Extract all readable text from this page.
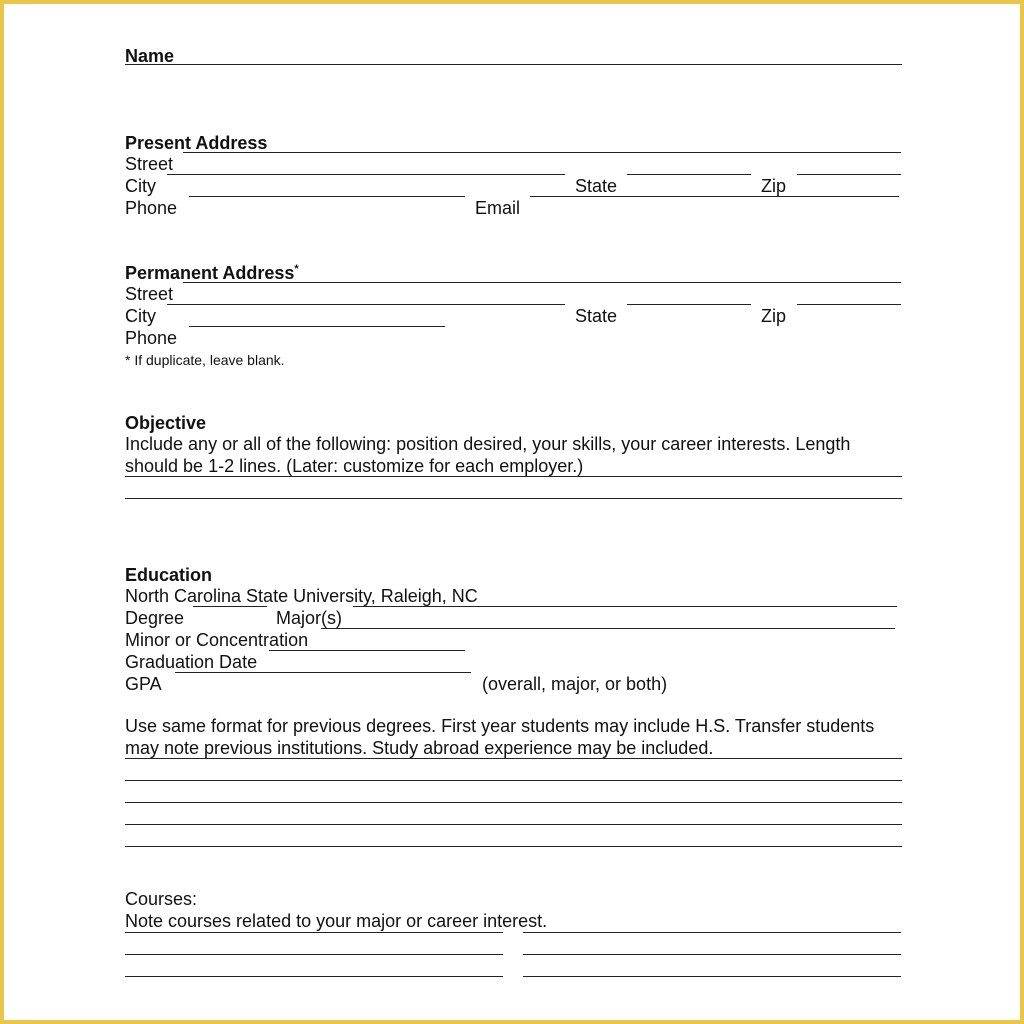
Name
Present Address
Street
City	State	Zip
Phone	Email
Permanent Address*
Street
City	State	Zip
Phone
* If duplicate, leave blank.
Objective
Include any or all of the following: position desired, your skills, your career interests. Length
should be 1-2 lines. (Later: customize for each employer.)
Education
North Carolina State University, Raleigh, NC
Degree	Major(s)
Minor or Concentration
Graduation Date
GPA	(overall, major, or both)
Use same format for previous degrees. First year students may include H.S. Transfer students
may note previous institutions. Study abroad experience may be included.
Courses:
Note courses related to your major or career interest.
